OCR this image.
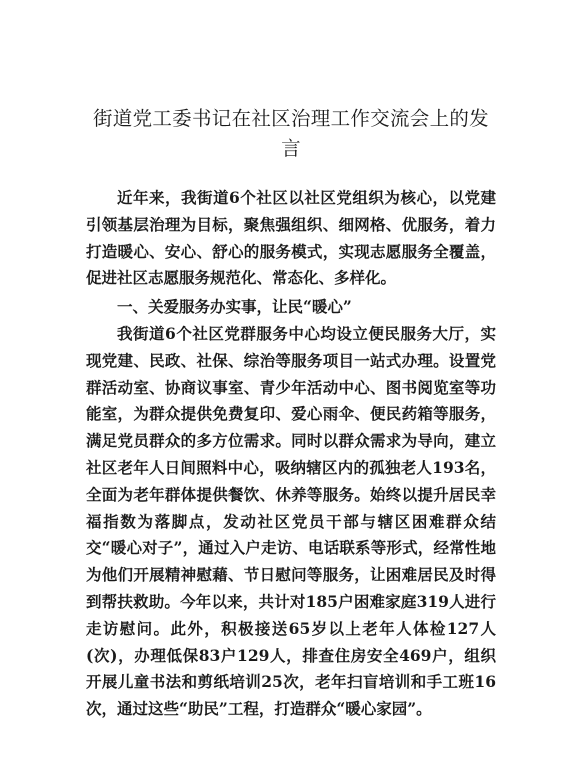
街道党工委书记在社区治理工作交流会上的发言

近年来，我街道6个社区以社区党组织为核心，以党建引领基层治理为目标，聚焦强组织、细网格、优服务，着力打造暖心、安心、舒心的服务模式，实现志愿服务全覆盖，促进社区志愿服务规范化、常态化、多样化。

一、关爱服务办实事，让民“暖心”

我街道6个社区党群服务中心均设立便民服务大厅，实现党建、民政、社保、综治等服务项目一站式办理。设置党群活动室、协商议事室、青少年活动中心、图书阅览室等功能室，为群众提供免费复印、爱心雨伞、便民药箱等服务，满足党员群众的多方位需求。同时以群众需求为导向，建立社区老年人日间照料中心，吸纳辖区内的孤独老人193名，全面为老年群体提供餐饮、休养等服务。始终以提升居民幸福指数为落脚点，发动社区党员干部与辖区困难群众结交“暖心对子”，通过入户走访、电话联系等形式，经常性地为他们开展精神慰藉、节日慰问等服务，让困难居民及时得到帮扶救助。今年以来，共计对185户困难家庭319人进行走访慰问。此外，积极接送65岁以上老年人体检127人(次)，办理低保83户129人，排查住房安全469户，组织开展儿童书法和剪纸培训25次，老年扫盲培训和手工班16次，通过这些“助民”工程，打造群众“暖心家园”。
